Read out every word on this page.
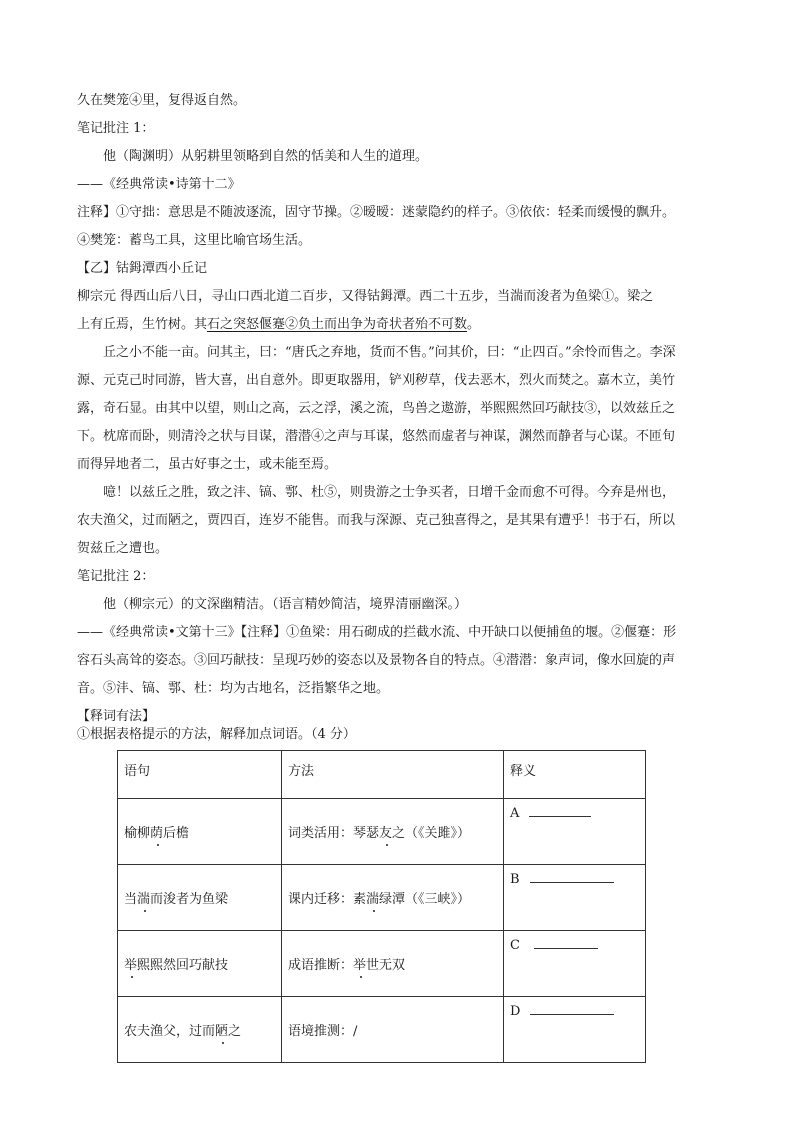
久在樊笼④里，复得返自然。
笔记批注 1：
他（陶渊明）从躬耕里领略到自然的恬美和人生的道理。
——《经典常读•诗第十二》
注释】①守拙：意思是不随波逐流，固守节操。②暧暧：迷蒙隐约的样子。③依依：轻柔而缓慢的飘升。
④樊笼：蓄鸟工具，这里比喻官场生活。
【乙】钴鉧潭西小丘记
柳宗元 得西山后八日，寻山口西北道二百步，又得钴鉧潭。西二十五步，当湍而浚者为鱼梁①。梁之
上有丘焉，生竹树。其石之突怒偃蹇②负土而出争为奇状者殆不可数。
丘之小不能一亩。问其主，曰：“唐氏之弃地，货而不售。”问其价，曰：“止四百。”余怜而售之。李深
源、元克己时同游，皆大喜，出自意外。即更取器用，铲刈秽草，伐去恶木，烈火而焚之。嘉木立，美竹
露，奇石显。由其中以望，则山之高，云之浮，溪之流，鸟兽之遨游，举熙熙然回巧献技③，以效兹丘之
下。枕席而卧，则清泠之状与目谋，潜潜④之声与耳谋，悠然而虚者与神谋，渊然而静者与心谋。不匝旬
而得异地者二，虽古好事之士，或未能至焉。
噫！以兹丘之胜，致之沣、镐、鄠、杜⑤，则贵游之士争买者，日增千金而愈不可得。今弃是州也，
农夫渔父，过而陋之，贾四百，连岁不能售。而我与深源、克己独喜得之，是其果有遭乎！书于石，所以
贺兹丘之遭也。
笔记批注 2：
他（柳宗元）的文深幽精洁。（语言精妙简洁，境界清丽幽深。）
——《经典常读•文第十三》【注释】①鱼梁：用石砌成的拦截水流、中开缺口以便捕鱼的堰。②偃蹇：形
容石头高耸的姿态。③回巧献技：呈现巧妙的姿态以及景物各自的特点。④潜潜：象声词，像水回旋的声
音。⑤沣、镐、鄠、杜：均为古地名，泛指繁华之地。
【释词有法】
①根据表格提示的方法，解释加点词语。（4 分）
语句	方法	释义
榆柳荫后檐	词类活用：琴瑟友之（《关雎》）	A
当湍而浚者为鱼梁	课内迁移：素湍绿潭（《三峡》）	B
举熙熙然回巧献技	成语推断：举世无双	C
农夫渔父，过而陋之	语境推测：/	D
